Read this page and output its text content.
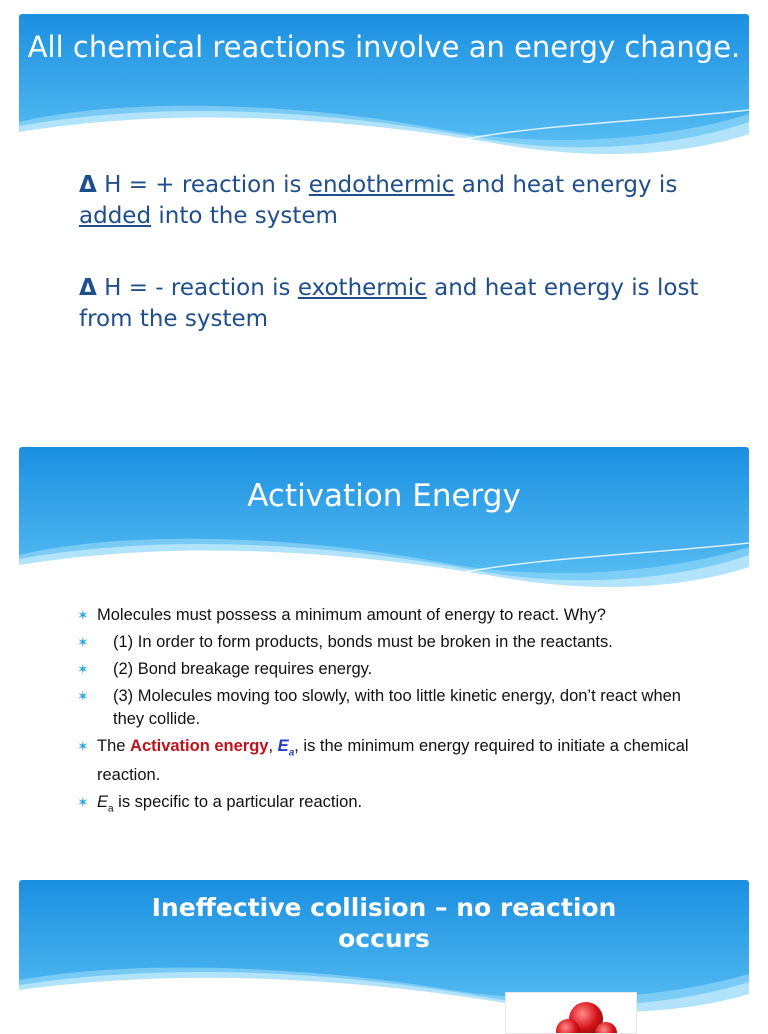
All chemical reactions involve an energy change.
Δ H = + reaction is endothermic and heat energy is added into the system
Δ H = - reaction is exothermic and heat energy is lost from the system
Activation Energy
✶ Molecules must possess a minimum amount of energy to react. Why?
✶ (1) In order to form products, bonds must be broken in the reactants.
✶ (2) Bond breakage requires energy.
✶ (3) Molecules moving too slowly, with too little kinetic energy, don’t react when they collide.
✶ The Activation energy, $E_a$, is the minimum energy required to initiate a chemical reaction.
✶ $E_a$ is specific to a particular reaction.
Ineffective collision – no reaction occurs
